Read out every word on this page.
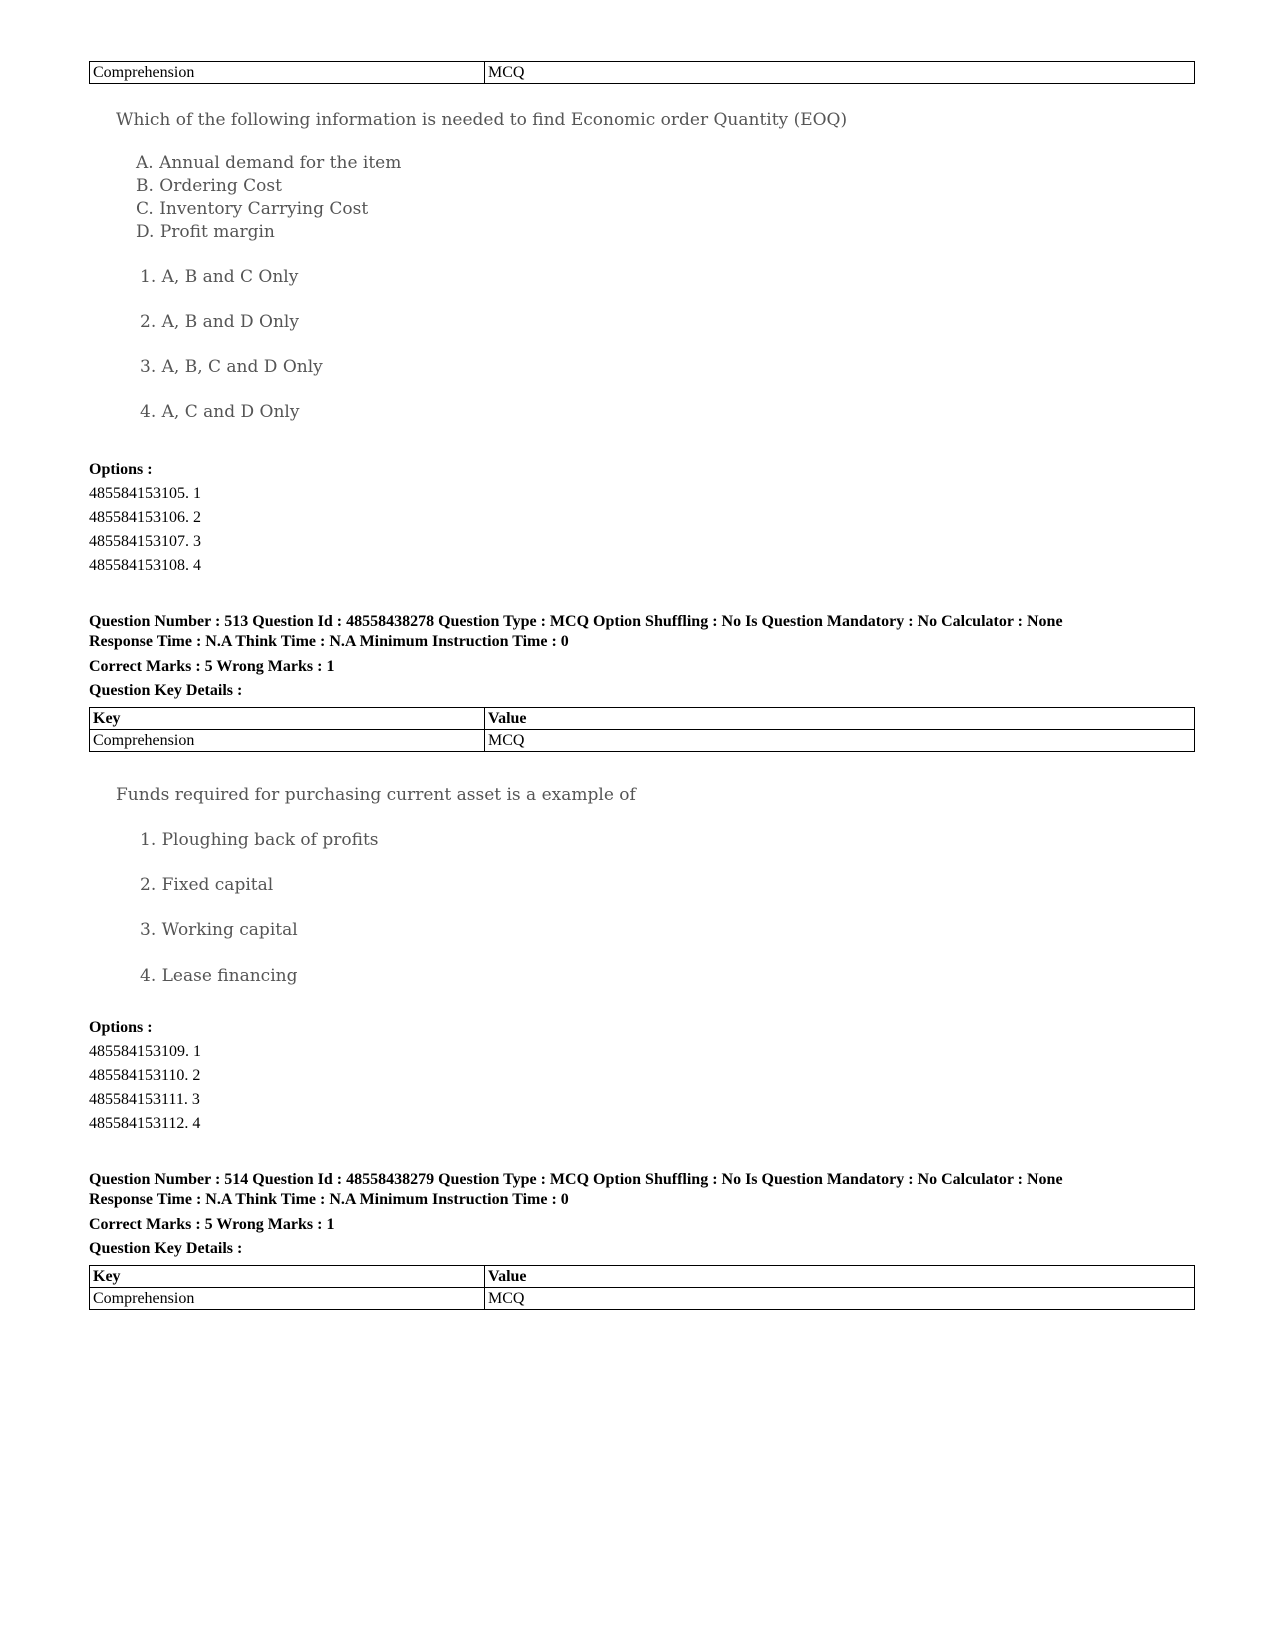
Comprehension	MCQ
Which of the following information is needed to find Economic order Quantity (EOQ)
A. Annual demand for the item
B. Ordering Cost
C. Inventory Carrying Cost
D. Profit margin
1. A, B and C Only
2. A, B and D Only
3. A, B, C and D Only
4. A, C and D Only
Options :
485584153105. 1
485584153106. 2
485584153107. 3
485584153108. 4
Question Number : 513 Question Id : 48558438278 Question Type : MCQ Option Shuffling : No Is Question Mandatory : No Calculator : None
Response Time : N.A Think Time : N.A Minimum Instruction Time : 0
Correct Marks : 5 Wrong Marks : 1
Question Key Details :
Key	Value
Comprehension	MCQ
Funds required for purchasing current asset is a example of
1. Ploughing back of profits
2. Fixed capital
3. Working capital
4. Lease financing
Options :
485584153109. 1
485584153110. 2
485584153111. 3
485584153112. 4
Question Number : 514 Question Id : 48558438279 Question Type : MCQ Option Shuffling : No Is Question Mandatory : No Calculator : None
Response Time : N.A Think Time : N.A Minimum Instruction Time : 0
Correct Marks : 5 Wrong Marks : 1
Question Key Details :
Key	Value
Comprehension	MCQ
